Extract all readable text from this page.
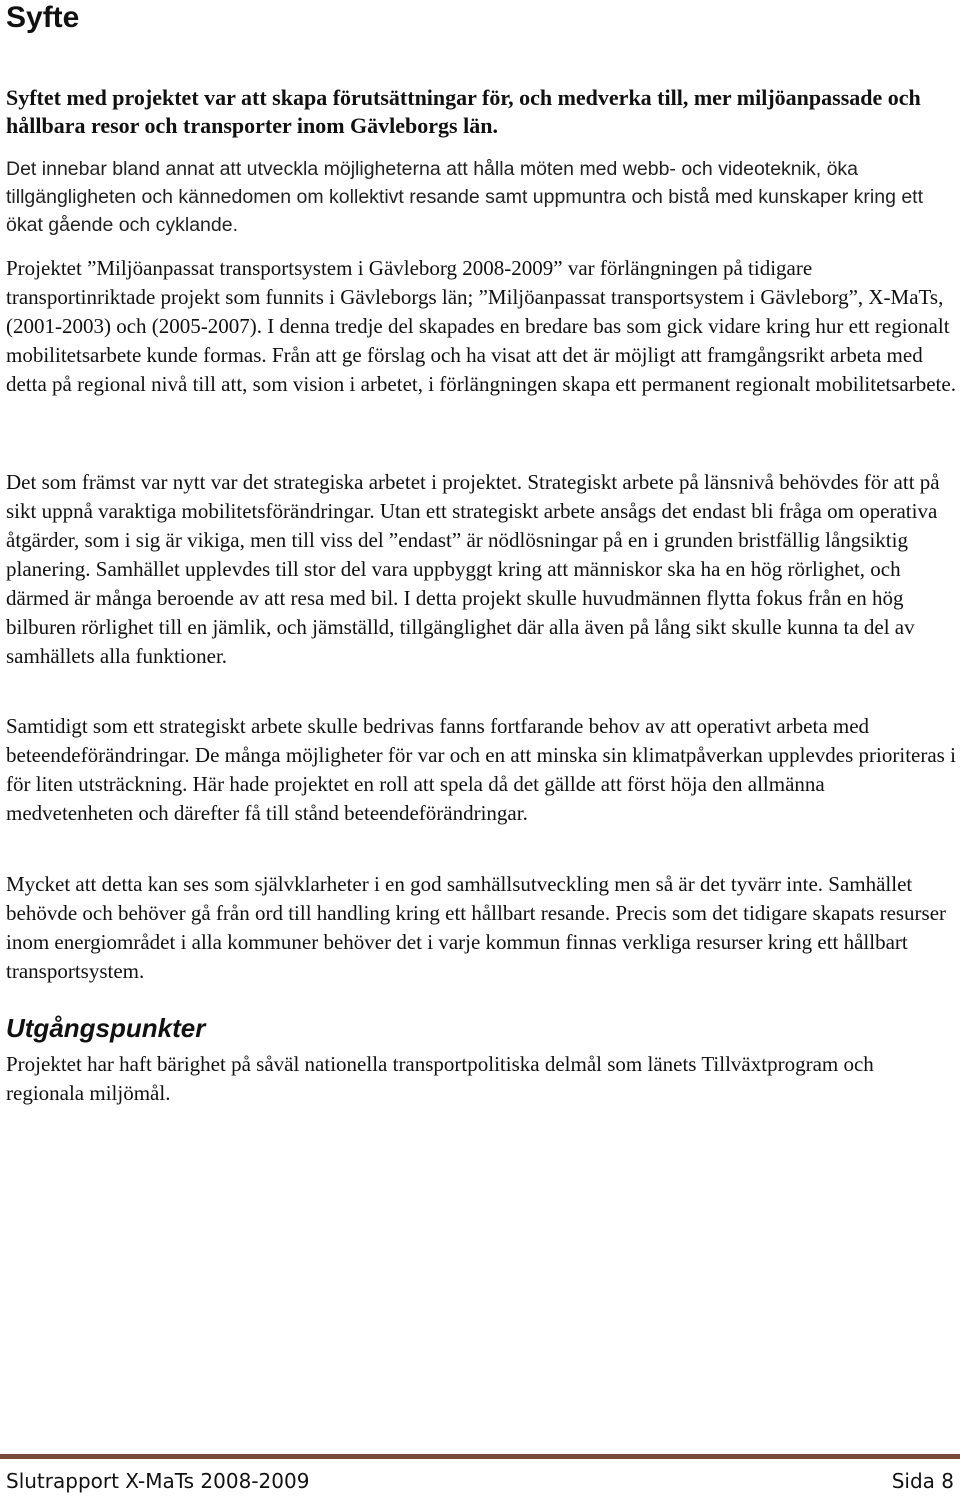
Syfte

Syftet med projektet var att skapa förutsättningar för, och medverka till, mer miljöanpassade och hållbara resor och transporter inom Gävleborgs län.

Det innebar bland annat att utveckla möjligheterna att hålla möten med webb- och videoteknik, öka tillgängligheten och kännedomen om kollektivt resande samt uppmuntra och bistå med kunskaper kring ett ökat gående och cyklande.

Projektet ”Miljöanpassat transportsystem i Gävleborg 2008-2009” var förlängningen på tidigare transportinriktade projekt som funnits i Gävleborgs län; ”Miljöanpassat transportsystem i Gävleborg”, X-MaTs, (2001-2003) och (2005-2007). I denna tredje del skapades en bredare bas som gick vidare kring hur ett regionalt mobilitetsarbete kunde formas. Från att ge förslag och ha visat att det är möjligt att framgångsrikt arbeta med detta på regional nivå till att, som vision i arbetet, i förlängningen skapa ett permanent regionalt mobilitetsarbete.

Det som främst var nytt var det strategiska arbetet i projektet. Strategiskt arbete på länsnivå behövdes för att på sikt uppnå varaktiga mobilitetsförändringar. Utan ett strategiskt arbete ansågs det endast bli fråga om operativa åtgärder, som i sig är vikiga, men till viss del ”endast” är nödlösningar på en i grunden bristfällig långsiktig planering. Samhället upplevdes till stor del vara uppbyggt kring att människor ska ha en hög rörlighet, och därmed är många beroende av att resa med bil. I detta projekt skulle huvudmännen flytta fokus från en hög bilburen rörlighet till en jämlik, och jämställd, tillgänglighet där alla även på lång sikt skulle kunna ta del av samhällets alla funktioner.

Samtidigt som ett strategiskt arbete skulle bedrivas fanns fortfarande behov av att operativt arbeta med beteendeförändringar. De många möjligheter för var och en att minska sin klimatpåverkan upplevdes prioriteras i för liten utsträckning. Här hade projektet en roll att spela då det gällde att först höja den allmänna medvetenheten och därefter få till stånd beteendeförändringar.

Mycket att detta kan ses som självklarheter i en god samhällsutveckling men så är det tyvärr inte. Samhället behövde och behöver gå från ord till handling kring ett hållbart resande. Precis som det tidigare skapats resurser inom energiområdet i alla kommuner behöver det i varje kommun finnas verkliga resurser kring ett hållbart transportsystem.

Utgångspunkter

Projektet har haft bärighet på såväl nationella transportpolitiska delmål som länets Tillväxtprogram och regionala miljömål.

Slutrapport X-MaTs 2008-2009	Sida 8
